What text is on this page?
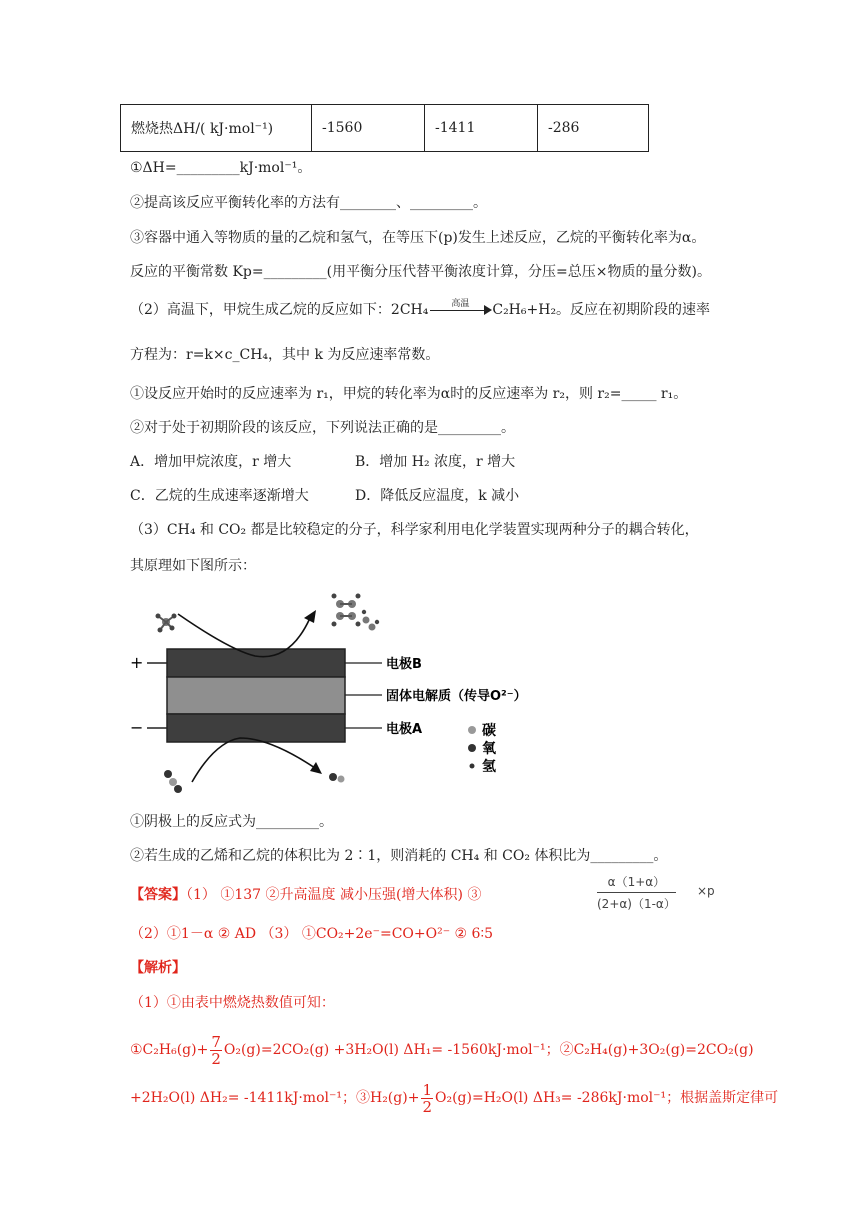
燃烧热ΔH/( kJ·mol⁻¹)	-1560	-1411	-286
①ΔH=_________kJ·mol⁻¹。
②提高该反应平衡转化率的方法有________、_________。
③容器中通入等物质的量的乙烷和氢气，在等压下(p)发生上述反应，乙烷的平衡转化率为α。
反应的平衡常数 Kp=_________(用平衡分压代替平衡浓度计算，分压=总压×物质的量分数)。
（2）高温下，甲烷生成乙烷的反应如下：2CH₄	高温	C₂H₆+H₂。反应在初期阶段的速率
方程为：r=k×c_CH₄，其中 k 为反应速率常数。
①设反应开始时的反应速率为 r₁，甲烷的转化率为α时的反应速率为 r₂，则 r₂=_____ r₁。
②对于处于初期阶段的该反应，下列说法正确的是_________。
A．增加甲烷浓度，r 增大	B．增加 H₂ 浓度，r 增大
C．乙烷的生成速率逐渐增大	D．降低反应温度，k 减小
（3）CH₄ 和 CO₂ 都是比较稳定的分子，科学家利用电化学装置实现两种分子的耦合转化，
其原理如下图所示：
+
−
电极B
固体电解质（传导O²⁻）
电极A	碳
氧
氢
①阴极上的反应式为_________。
②若生成的乙烯和乙烷的体积比为 2∶1，则消耗的 CH₄ 和 CO₂ 体积比为_________。
【答案】（1） ①137 ②升高温度 减小压强(增大体积) ③
α（1+α）
(2+α)（1-α）
×p
（2）①1－α ② AD （3） ①CO₂+2e⁻=CO+O²⁻ ② 6∶5
【解析】
（1）①由表中燃烧热数值可知：
①C₂H₆(g)+ $\frac{7}{2} O_2(g)=2CO_2(g) +3H_2O(l)$ ΔH₁= -1560kJ·mol⁻¹；②C₂H₄(g)+3O₂(g)=2CO₂(g)
+2H₂O(l) ΔH₂= -1411kJ·mol⁻¹；③H₂(g)+ $\frac{1}{2} O_2(g)=H_2O(l)$ ΔH₃= -286kJ·mol⁻¹；根据盖斯定律可
